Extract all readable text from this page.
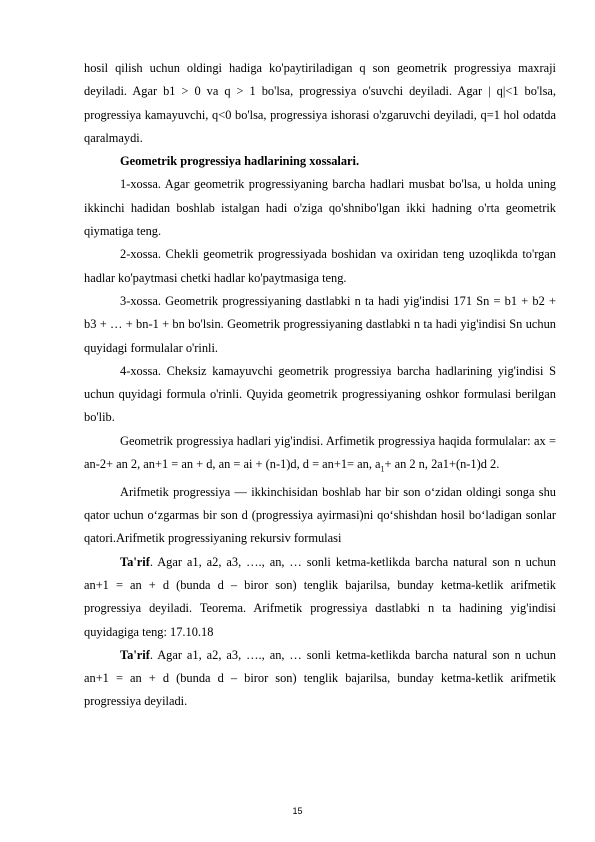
hosil qilish uchun oldingi hadiga ko'paytiriladigan q son geometrik progressiya maxraji deyiladi. Agar b1 > 0 va q > 1 bo'lsa, progressiya o'suvchi deyiladi. Agar | q|<1 bo'lsa, progressiya kamayuvchi, q<0 bo'lsa, progressiya ishorasi o'zgaruvchi deyiladi, q=1 hol odatda qaralmaydi.

Geometrik progressiya hadlarining xossalari.

1-xossa. Agar geometrik progressiyaning barcha hadlari musbat bo'lsa, u holda uning ikkinchi hadidan boshlab istalgan hadi o'ziga qo'shnibo'lgan ikki hadning o'rta geometrik qiymatiga teng.

2-xossa. Chekli geometrik progressiyada boshidan va oxiridan teng uzoqlikda to'rgan hadlar ko'paytmasi chetki hadlar ko'paytmasiga teng.

3-xossa. Geometrik progressiyaning dastlabki n ta hadi yig'indisi 171 Sn = b1 + b2 + b3 + … + bn-1 + bn bo'lsin. Geometrik progressiyaning dastlabki n ta hadi yig'indisi Sn uchun quyidagi formulalar o'rinli.

4-xossa. Cheksiz kamayuvchi geometrik progressiya barcha hadlarining yig'indisi S uchun quyidagi formula o'rinli. Quyida geometrik progressiyaning oshkor formulasi berilgan bo'lib.

Geometrik progressiya hadlari yig'indisi. Arfimetik progressiya haqida formulalar: ax = an-2+ an 2, an+1 = an + d, an = ai + (n-1)d, d = an+1= an, $a_1+$ an 2 n, 2a1+(n-1)d 2.

Arifmetik progressiya — ikkinchisidan boshlab har bir son oʻzidan oldingi songa shu qator uchun oʻzgarmas bir son d (progressiya ayirmasi)ni qoʻshishdan hosil boʻladigan sonlar qatori.Arifmetik progressiyaning rekursiv formulasi

Ta'rif. Agar a1, a2, a3, …., an, … sonli ketma-ketlikda barcha natural son n uchun an+1 = an + d (bunda d – biror son) tenglik bajarilsa, bunday ketma-ketlik arifmetik progressiya deyiladi. Teorema. Arifmetik progressiya dastlabki n ta hadining yig'indisi quyidagiga teng: 17.10.18

Ta'rif. Agar a1, a2, a3, …., an, … sonli ketma-ketlikda barcha natural son n uchun an+1 = an + d (bunda d – biror son) tenglik bajarilsa, bunday ketma-ketlik arifmetik progressiya deyiladi.

15
